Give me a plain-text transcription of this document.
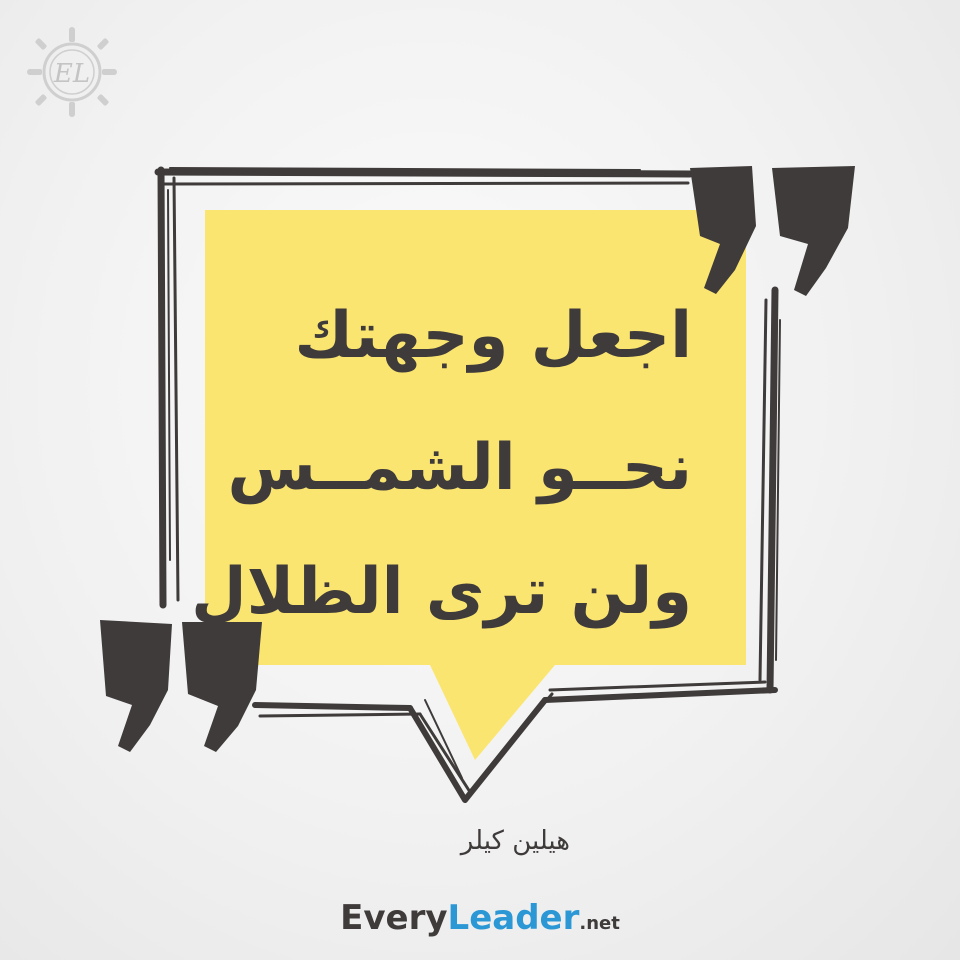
EL
اجعل وجهتك
نحــو الشمــس
ولن ترى الظلال
هيلين كيلر
EveryLeader.net
